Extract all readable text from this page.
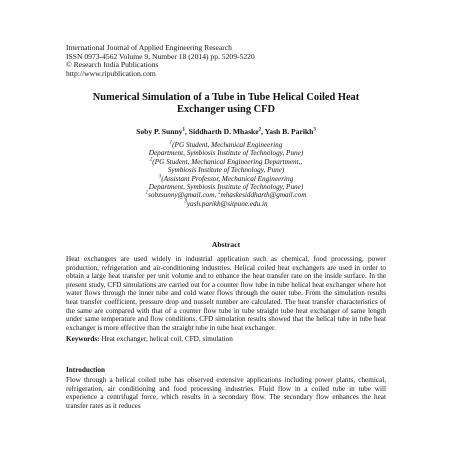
International Journal of Applied Engineering Research
ISSN 0973-4562 Volume 9, Number 18 (2014) pp. 5209-5220
© Research India Publications
http://www.ripublication.com
Numerical Simulation of a Tube in Tube Helical Coiled Heat
Exchanger using CFD
Soby P. Sunny$^1$, Siddharth D. Mhaske$^2$, Yash B. Parikh$^3$
$^1$(PG Student, Mechanical Engineering
Department, Symbiosis Institute of Technology, Pune)
$^2$(PG Student, Mechanical Engineering Department,,
Symbiosis Institute of Technology, Pune)
$^3$(Assistant Professor, Mechanical Engineering
Department, Symbiosis Institute of Technology, Pune)
$^1$sobzsunny@gmail.com, $^2$mhaskesiddharth@gmail.com
$^3$yash.parikh@sitpune.edu.in
Abstract
Heat exchangers are used widely in industrial application such as chemical, food processing, power production, refrigeration and air-conditioning industries. Helical coiled heat exchangers are used in order to obtain a large heat transfer per unit volume and to enhance the heat transfer rate on the inside surface. In the present study, CFD simulations are carried out for a counter flow tube in tube helical heat exchanger where hot water flows through the inner tube and cold water flows through the outer tube. From the simulation results heat transfer coefficient, pressure drop and nusselt number are calculated. The heat transfer characteristics of the same are compared with that of a counter flow tube in tube straight tube heat exchanger of same length under same temperature and flow conditions. CFD simulation results showed that the helical tube in tube heat exchanger is more effective than the straight tube in tube heat exchanger.
Keywords: Heat exchanger, helical coil, CFD, simulation
Introduction
Flow through a helical coiled tube has observed extensive applications including power plants, chemical, refrigeration, air conditioning and food processing industries. Fluid flow in a coiled tube in tube will experience a centrifugal force, which results in a secondary flow. The secondary flow enhances the heat transfer rates as it reduces
